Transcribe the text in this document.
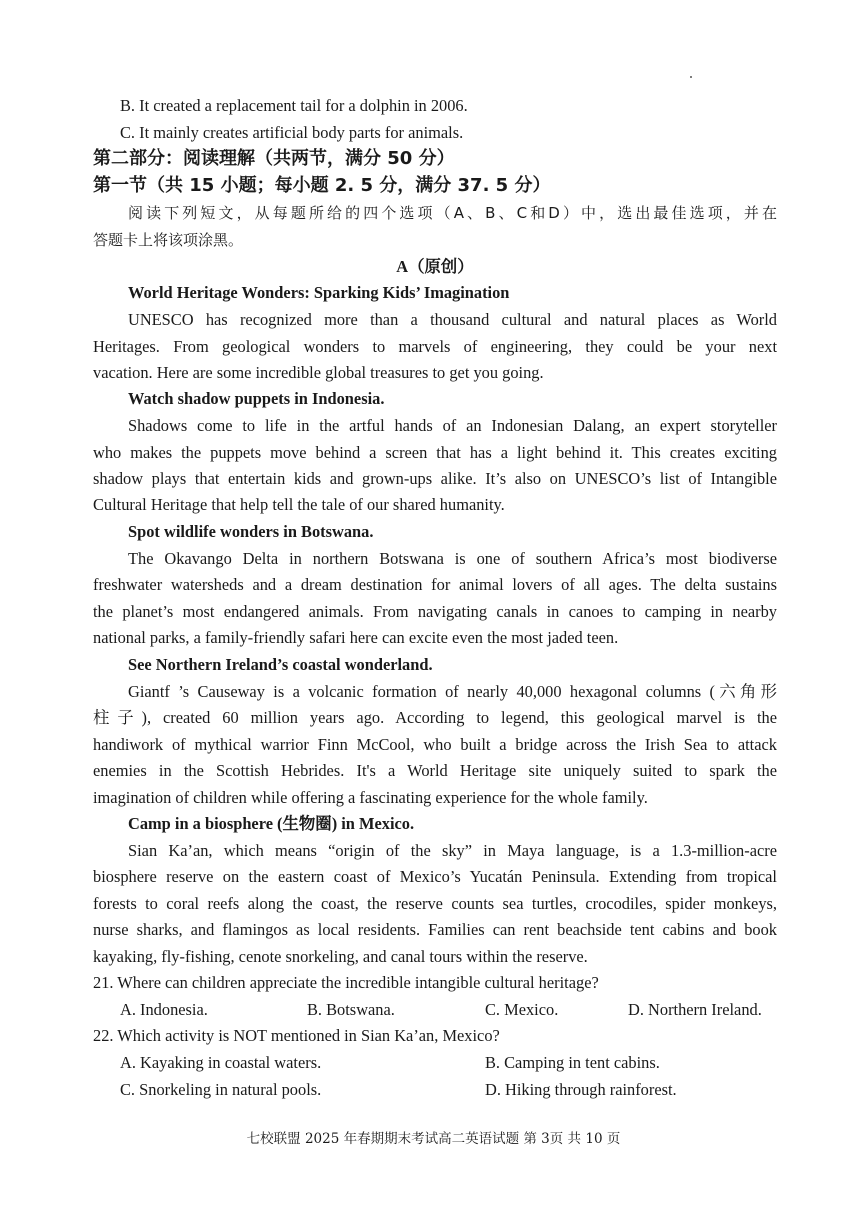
B. It created a replacement tail for a dolphin in 2006.
C. It mainly creates artificial body parts for animals.
第二部分：阅读理解（共两节，满分 50 分）
第一节（共 15 小题；每小题 2. 5 分，满分 37. 5 分）
阅读下列短文，从每题所给的四个选项（A、B、C和D）中，选出最佳选项，并在
答题卡上将该项涂黑。
A（原创）
World Heritage Wonders: Sparking Kids’ Imagination
UNESCO has recognized more than a thousand cultural and natural places as World
Heritages. From geological wonders to marvels of engineering, they could be your next
vacation. Here are some incredible global treasures to get you going.
Watch shadow puppets in Indonesia.
Shadows come to life in the artful hands of an Indonesian Dalang, an expert storyteller
who makes the puppets move behind a screen that has a light behind it. This creates exciting
shadow plays that entertain kids and grown-ups alike. It’s also on UNESCO’s list of Intangible
Cultural Heritage that help tell the tale of our shared humanity.
Spot wildlife wonders in Botswana.
The Okavango Delta in northern Botswana is one of southern Africa’s most biodiverse
freshwater watersheds and a dream destination for animal lovers of all ages. The delta sustains
the planet’s most endangered animals. From navigating canals in canoes to camping in nearby
national parks, a family-friendly safari here can excite even the most jaded teen.
See Northern Ireland’s coastal wonderland.
Giantf ’s Causeway is a volcanic formation of nearly 40,000 hexagonal columns (六角形
柱子), created 60 million years ago. According to legend, this geological marvel is the
handiwork of mythical warrior Finn McCool, who built a bridge across the Irish Sea to attack
enemies in the Scottish Hebrides. It's a World Heritage site uniquely suited to spark the
imagination of children while offering a fascinating experience for the whole family.
Camp in a biosphere (生物圈) in Mexico.
Sian Ka’an, which means “origin of the sky” in Maya language, is a 1.3-million-acre
biosphere reserve on the eastern coast of Mexico’s Yucatán Peninsula. Extending from tropical
forests to coral reefs along the coast, the reserve counts sea turtles, crocodiles, spider monkeys,
nurse sharks, and flamingos as local residents. Families can rent beachside tent cabins and book
kayaking, fly-fishing, cenote snorkeling, and canal tours within the reserve.
21. Where can children appreciate the incredible intangible cultural heritage?
A. Indonesia.	B. Botswana.	C. Mexico.	D. Northern Ireland.
22. Which activity is NOT mentioned in Sian Ka’an, Mexico?
A. Kayaking in coastal waters.	B. Camping in tent cabins.
C. Snorkeling in natural pools.	D. Hiking through rainforest.
七校联盟 2025 年春期期末考试高二英语试题 第 3页 共 10 页
